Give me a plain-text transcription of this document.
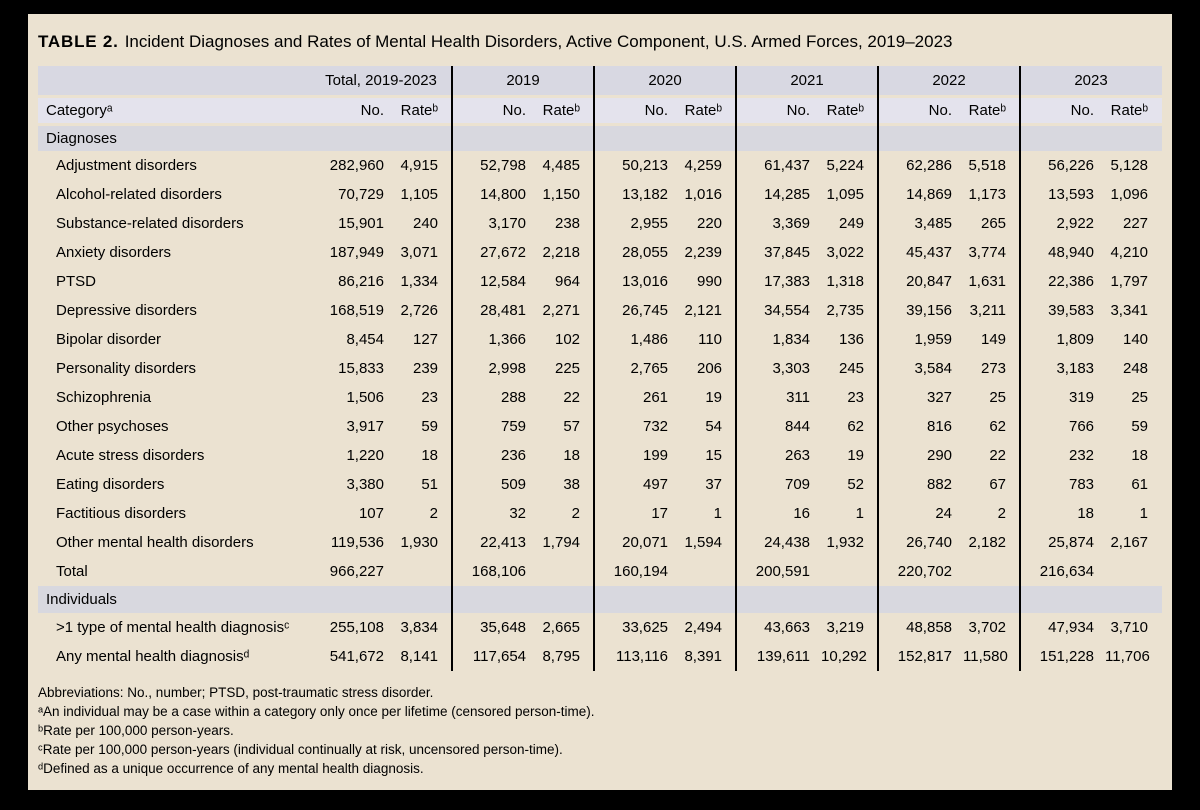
TABLE 2. Incident Diagnoses and Rates of Mental Health Disorders, Active Component, U.S. Armed Forces, 2019–2023
	Total, 2019-2023		2019		2020		2021		2022		2023	
Categoryᵃ	No.	Rateᵇ	No.	Rateᵇ	No.	Rateᵇ	No.	Rateᵇ	No.	Rateᵇ	No.	Rateᵇ
Diagnoses												
Adjustment disorders	282,960	4,915	52,798	4,485	50,213	4,259	61,437	5,224	62,286	5,518	56,226	5,128
Alcohol-related disorders	70,729	1,105	14,800	1,150	13,182	1,016	14,285	1,095	14,869	1,173	13,593	1,096
Substance-related disorders	15,901	240	3,170	238	2,955	220	3,369	249	3,485	265	2,922	227
Anxiety disorders	187,949	3,071	27,672	2,218	28,055	2,239	37,845	3,022	45,437	3,774	48,940	4,210
PTSD	86,216	1,334	12,584	964	13,016	990	17,383	1,318	20,847	1,631	22,386	1,797
Depressive disorders	168,519	2,726	28,481	2,271	26,745	2,121	34,554	2,735	39,156	3,211	39,583	3,341
Bipolar disorder	8,454	127	1,366	102	1,486	110	1,834	136	1,959	149	1,809	140
Personality disorders	15,833	239	2,998	225	2,765	206	3,303	245	3,584	273	3,183	248
Schizophrenia	1,506	23	288	22	261	19	311	23	327	25	319	25
Other psychoses	3,917	59	759	57	732	54	844	62	816	62	766	59
Acute stress disorders	1,220	18	236	18	199	15	263	19	290	22	232	18
Eating disorders	3,380	51	509	38	497	37	709	52	882	67	783	61
Factitious disorders	107	2	32	2	17	1	16	1	24	2	18	1
Other mental health disorders	119,536	1,930	22,413	1,794	20,071	1,594	24,438	1,932	26,740	2,182	25,874	2,167
Total	966,227		168,106		160,194		200,591		220,702		216,634	
Individuals												
>1 type of mental health diagnosisᶜ	255,108	3,834	35,648	2,665	33,625	2,494	43,663	3,219	48,858	3,702	47,934	3,710
Any mental health diagnosisᵈ	541,672	8,141	117,654	8,795	113,116	8,391	139,611	10,292	152,817	11,580	151,228	11,706
Abbreviations: No., number; PTSD, post-traumatic stress disorder.
ᵃAn individual may be a case within a category only once per lifetime (censored person-time).
ᵇRate per 100,000 person-years.
ᶜRate per 100,000 person-years (individual continually at risk, uncensored person-time).
ᵈDefined as a unique occurrence of any mental health diagnosis.
